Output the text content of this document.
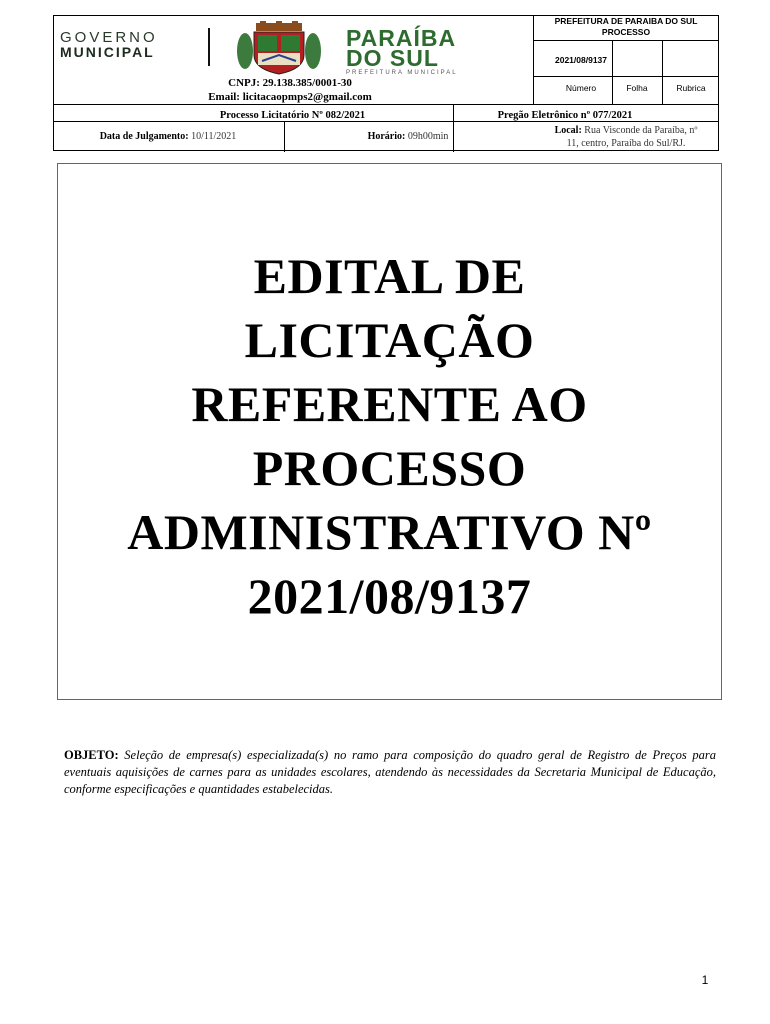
GOVERNO
MUNICIPAL
PARAÍBA
DO SUL
PREFEITURA MUNICIPAL
CNPJ: 29.138.385/0001-30
Email: licitacaopmps2@gmail.com
PREFEITURA DE PARAIBA DO SUL
PROCESSO
2021/08/9137
Número	Folha	Rubrica
Processo Licitatório Nº 082/2021	Pregão Eletrônico nº 077/2021
Data de Julgamento: 10/11/2021	Horário: 09h00min
Local: Rua Visconde da Paraíba, nº
11, centro, Paraíba do Sul/RJ.
EDITAL DE
LICITAÇÃO
REFERENTE AO
PROCESSO
ADMINISTRATIVO Nº
2021/08/9137
OBJETO: Seleção de empresa(s) especializada(s) no ramo para composição do quadro geral de Registro de Preços para eventuais aquisições de carnes para as unidades escolares, atendendo às necessidades da Secretaria Municipal de Educação, conforme especificações e quantidades estabelecidas.
1
